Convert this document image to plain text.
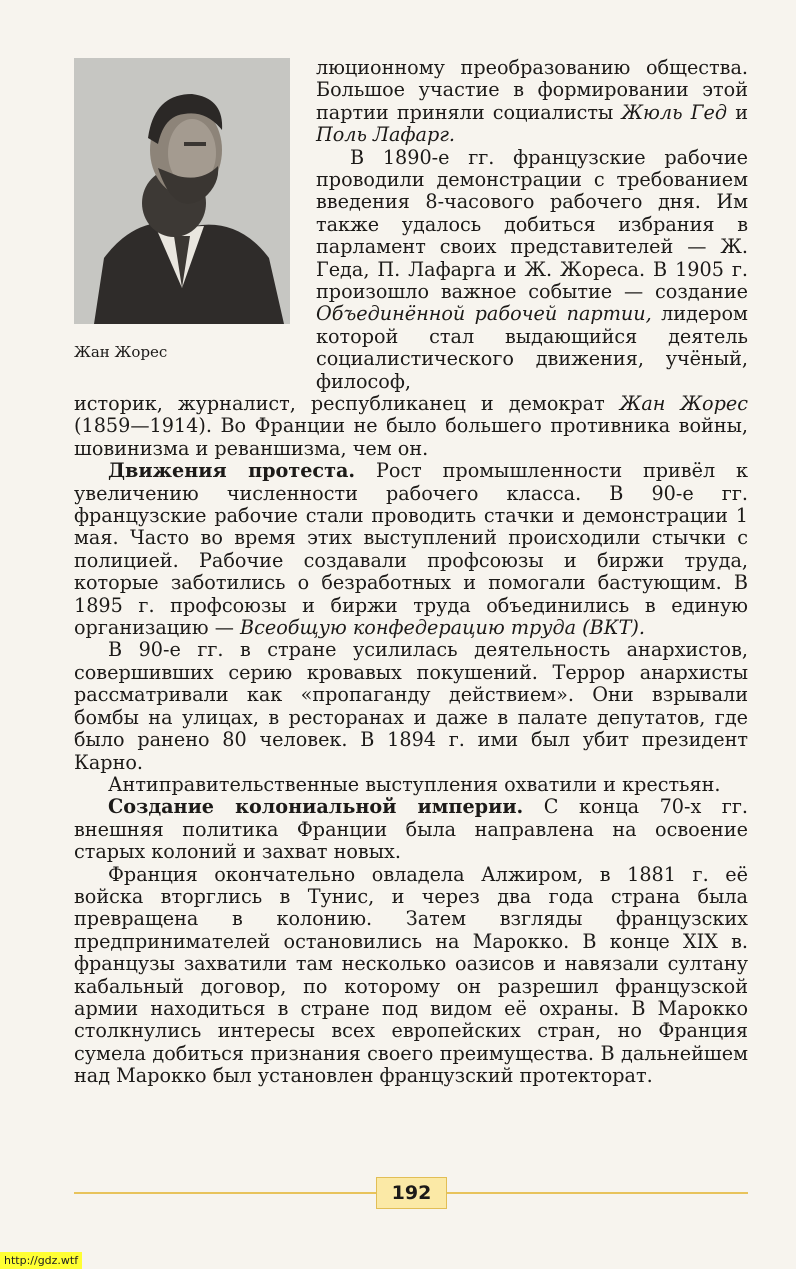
Жан Жорес

люционному преобразованию общества. Большое участие в формировании этой партии приняли социалисты Жюль Гед и Поль Лафарг.

В 1890-е гг. французские рабочие проводили демонстрации с требованием введения 8-часового рабочего дня. Им также удалось добиться избрания в парламент своих представителей — Ж. Геда, П. Лафарга и Ж. Жореса. В 1905 г. произошло важное событие — создание Объединённой рабочей партии, лидером которой стал выдающийся деятель социалистического движения, учёный, философ,

историк, журналист, республиканец и демократ Жан Жорес (1859—1914). Во Франции не было большего противника войны, шовинизма и реваншизма, чем он.

Движения протеста. Рост промышленности привёл к увеличению численности рабочего класса. В 90-е гг. французские рабочие стали проводить стачки и демонстрации 1 мая. Часто во время этих выступлений происходили стычки с полицией. Рабочие создавали профсоюзы и биржи труда, которые заботились о безработных и помогали бастующим. В 1895 г. профсоюзы и биржи труда объединились в единую организацию — Всеобщую конфедерацию труда (ВКТ).

В 90-е гг. в стране усилилась деятельность анархистов, совершивших серию кровавых покушений. Террор анархисты рассматривали как «пропаганду действием». Они взрывали бомбы на улицах, в ресторанах и даже в палате депутатов, где было ранено 80 человек. В 1894 г. ими был убит президент Карно.

Антиправительственные выступления охватили и крестьян.

Создание колониальной империи. С конца 70-х гг. внешняя политика Франции была направлена на освоение старых колоний и захват новых.

Франция окончательно овладела Алжиром, в 1881 г. её войска вторглись в Тунис, и через два года страна была превращена в колонию. Затем взгляды французских предпринимателей остановились на Марокко. В конце XIX в. французы захватили там несколько оазисов и навязали султану кабальный договор, по которому он разрешил французской армии находиться в стране под видом её охраны. В Марокко столкнулись интересы всех европейских стран, но Франция сумела добиться признания своего преимущества. В дальнейшем над Марокко был установлен французский протекторат.

192
http://gdz.wtf
